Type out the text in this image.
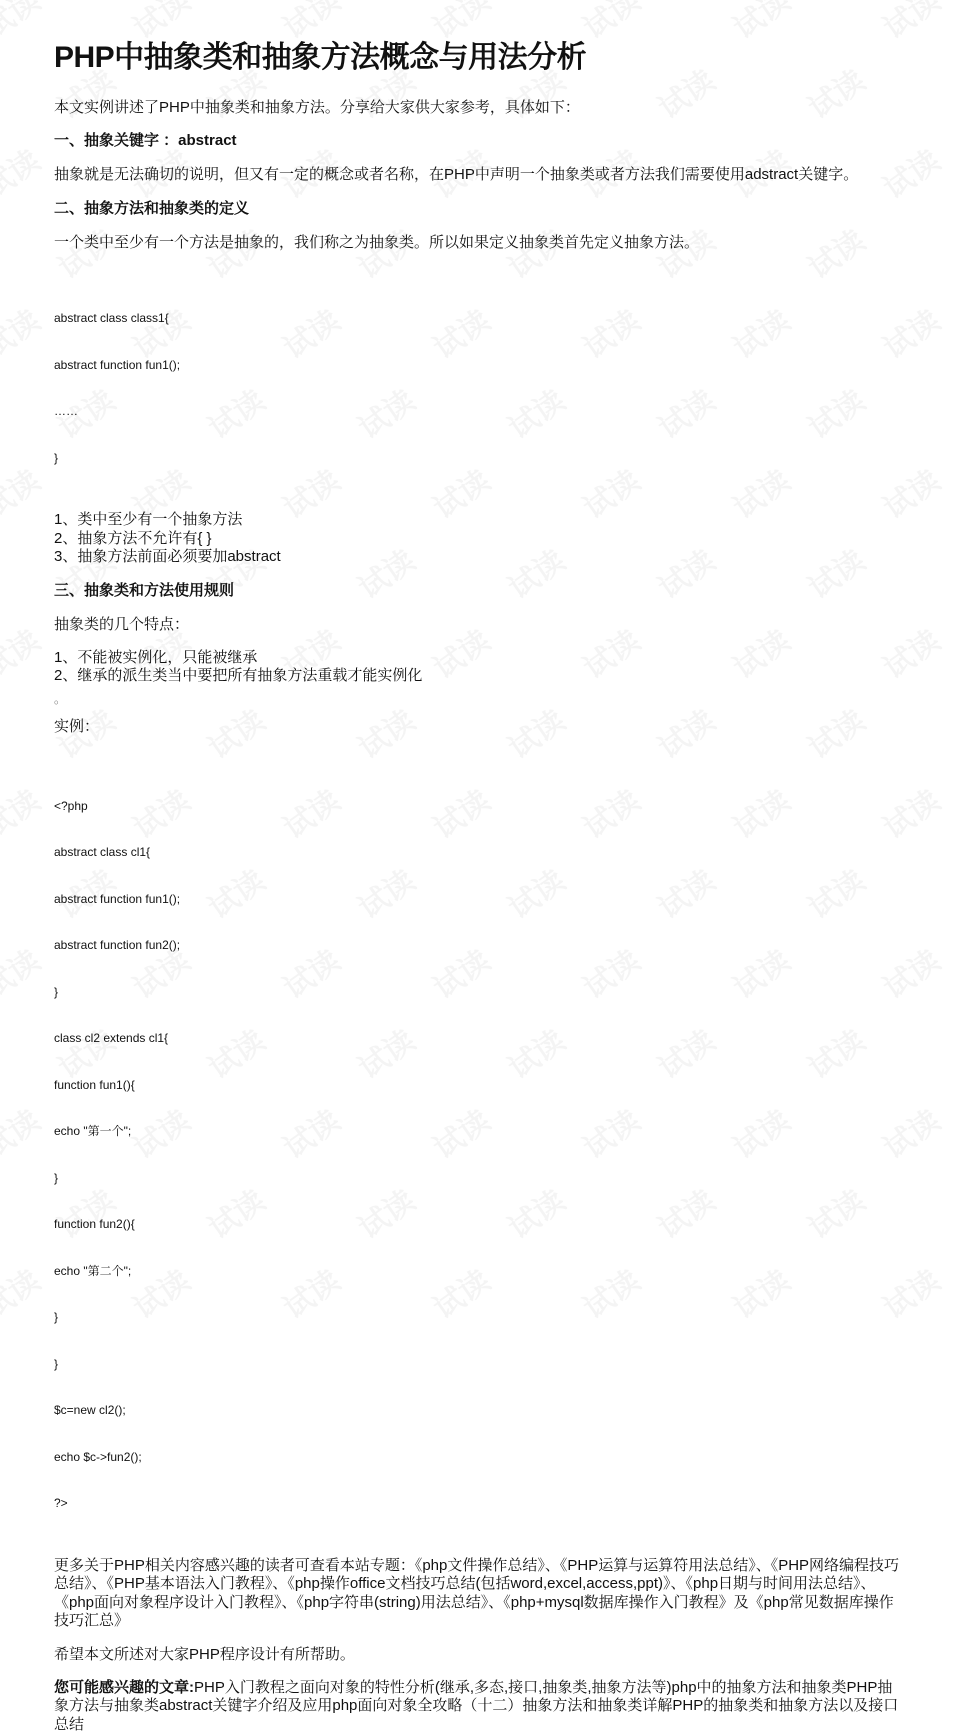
PHP中抽象类和抽象方法概念与用法分析

本文实例讲述了PHP中抽象类和抽象方法。分享给大家供大家参考，具体如下：

一、抽象关键字 ：abstract

抽象就是无法确切的说明，但又有一定的概念或者名称，在PHP中声明一个抽象类或者方法我们需要使用adstract关键字。

二、抽象方法和抽象类的定义

一个类中至少有一个方法是抽象的，我们称之为抽象类。所以如果定义抽象类首先定义抽象方法。

abstract class class1{

abstract function fun1();

……

}

1、类中至少有一个抽象方法
2、抽象方法不允许有{ }
3、抽象方法前面必须要加abstract

三、抽象类和方法使用规则

抽象类的几个特点：

1、不能被实例化，只能被继承
2、继承的派生类当中要把所有抽象方法重载才能实例化
。

实例：

<?php

abstract class cl1{

abstract function fun1();

abstract function fun2();

}

class cl2 extends cl1{

function fun1(){

echo "第一个";

}

function fun2(){

echo "第二个";

}

}

$c=new cl2();

echo $c->fun2();

?>

更多关于PHP相关内容感兴趣的读者可查看本站专题：《php文件操作总结》、《PHP运算与运算符用法总结》、《PHP网络编程技巧总结》、《PHP基本语法入门教程》、《php操作office文档技巧总结(包括word,excel,access,ppt)》、《php日期与时间用法总结》、《php面向对象程序设计入门教程》、《php字符串(string)用法总结》、《php+mysql数据库操作入门教程》及《php常见数据库操作技巧汇总》

希望本文所述对大家PHP程序设计有所帮助。

您可能感兴趣的文章:PHP入门教程之面向对象的特性分析(继承,多态,接口,抽象类,抽象方法等)php中的抽象方法和抽象类PHP抽象方法与抽象类abstract关键字介绍及应用php面向对象全攻略（十二）抽象方法和抽象类详解PHP的抽象类和抽象方法以及接口总结
